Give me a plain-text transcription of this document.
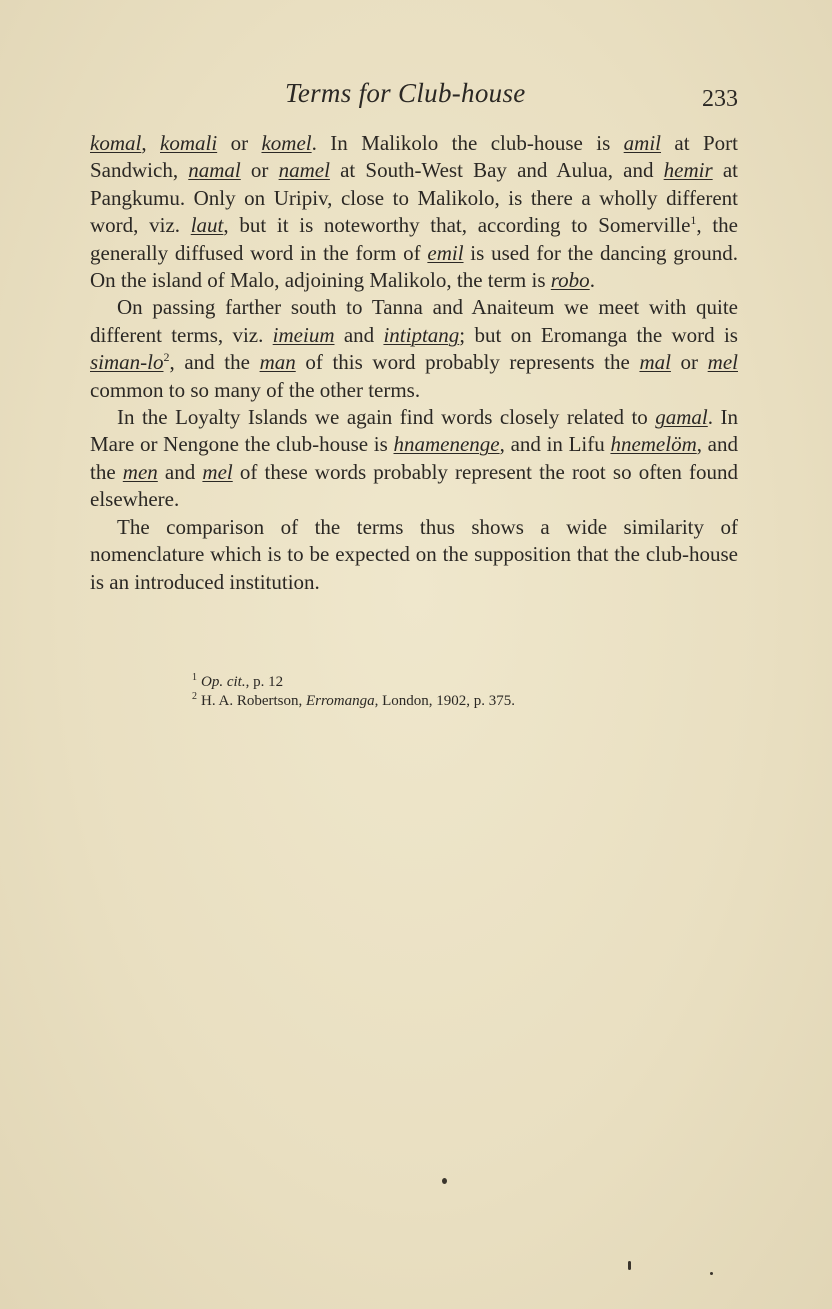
Terms for Club-house	233

komal, komali or komel. In Malikolo the club-house is amil at Port Sandwich, namal or namel at South-West Bay and Aulua, and hemir at Pangkumu. Only on Uripiv, close to Malikolo, is there a wholly different word, viz. laut, but it is noteworthy that, according to Somerville$^1$, the generally diffused word in the form of emil is used for the dancing ground. On the island of Malo, adjoining Malikolo, the term is robo.

On passing farther south to Tanna and Anaiteum we meet with quite different terms, viz. imeium and intiptang; but on Eromanga the word is siman-lo$^2$, and the man of this word probably represents the mal or mel common to so many of the other terms.

In the Loyalty Islands we again find words closely related to gamal. In Mare or Nengone the club-house is hnamenenge, and in Lifu hnemelöm, and the men and mel of these words probably represent the root so often found elsewhere.

The comparison of the terms thus shows a wide similarity of nomenclature which is to be expected on the supposition that the club-house is an introduced institution.

$^1$ Op. cit., p. 12

$^2$ H. A. Robertson, Erromanga, London, 1902, p. 375.
